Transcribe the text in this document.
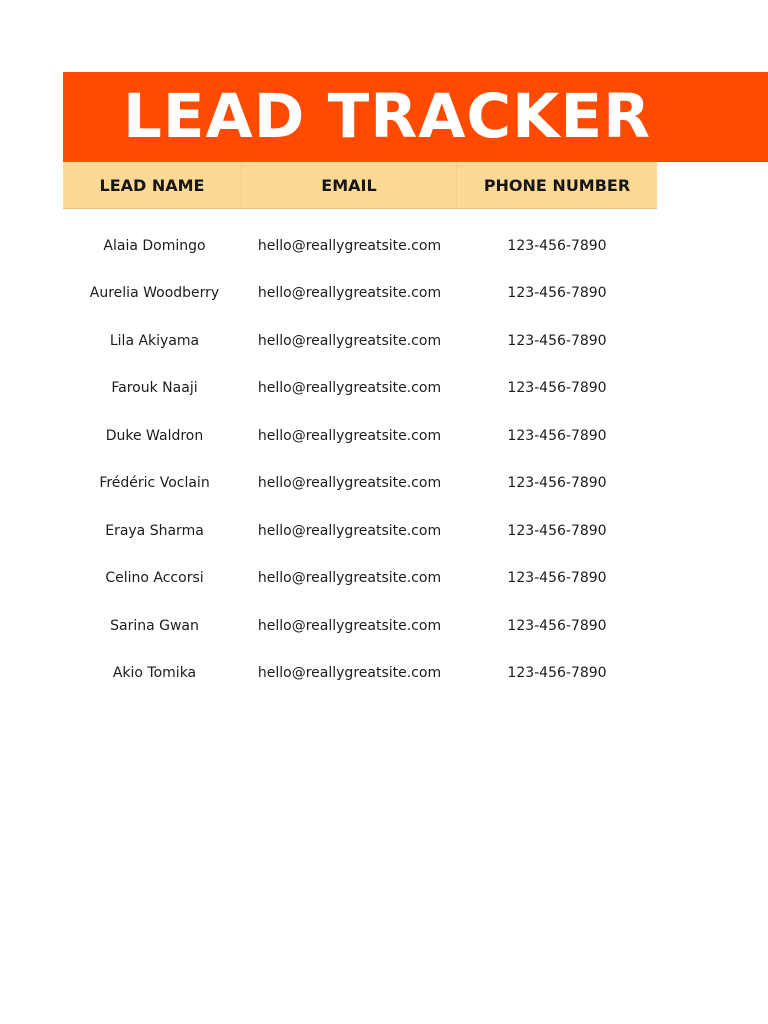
LEAD TRACKER
LEAD NAME	EMAIL	PHONE NUMBER
Alaia Domingo	hello@reallygreatsite.com	123-456-7890
Aurelia Woodberry	hello@reallygreatsite.com	123-456-7890
Lila Akiyama	hello@reallygreatsite.com	123-456-7890
Farouk Naaji	hello@reallygreatsite.com	123-456-7890
Duke Waldron	hello@reallygreatsite.com	123-456-7890
Frédéric Voclain	hello@reallygreatsite.com	123-456-7890
Eraya Sharma	hello@reallygreatsite.com	123-456-7890
Celino Accorsi	hello@reallygreatsite.com	123-456-7890
Sarina Gwan	hello@reallygreatsite.com	123-456-7890
Akio Tomika	hello@reallygreatsite.com	123-456-7890
